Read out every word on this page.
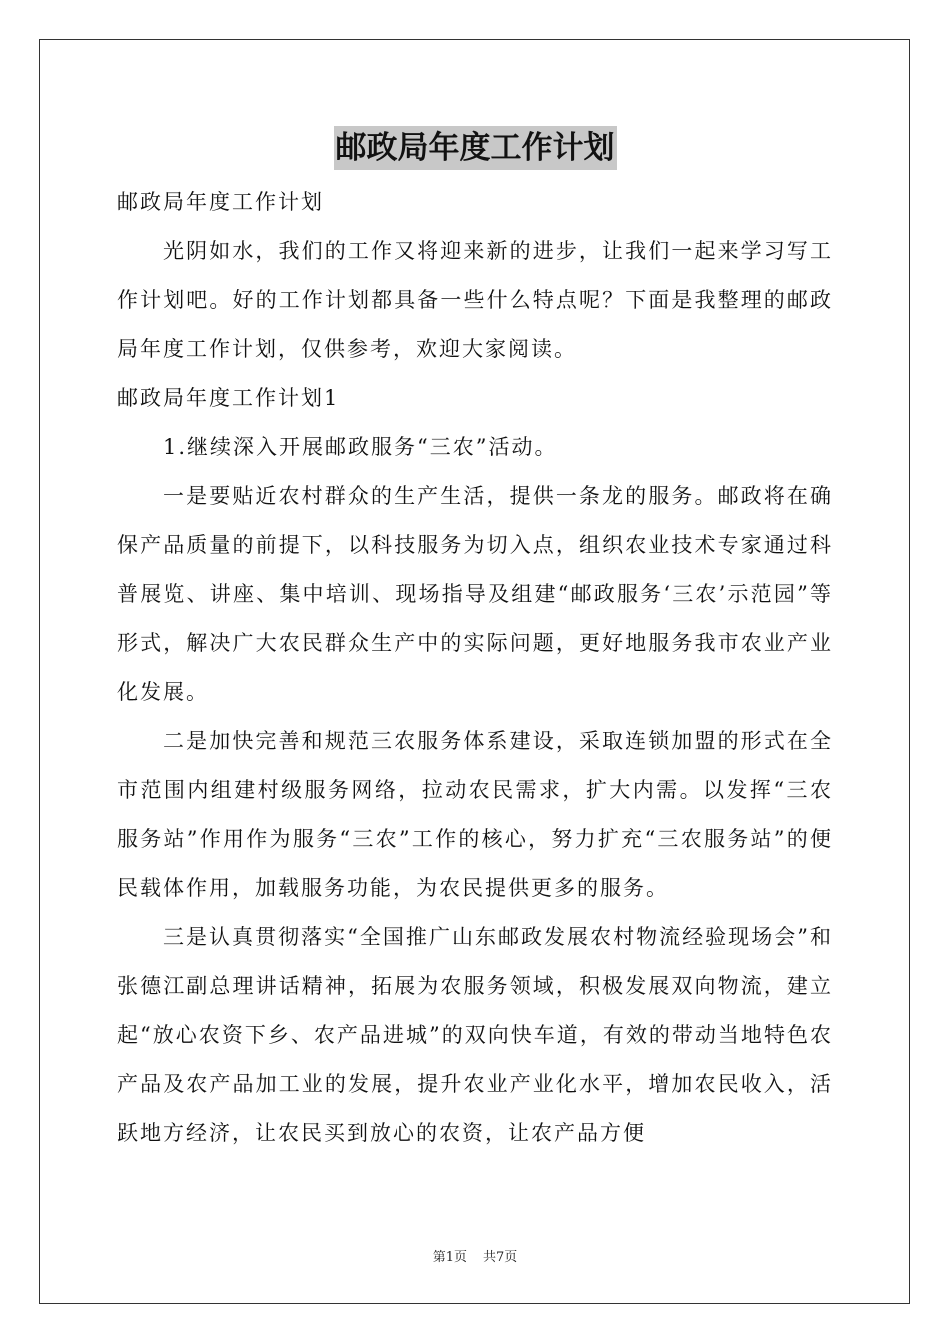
邮政局年度工作计划

邮政局年度工作计划

光阴如水，我们的工作又将迎来新的进步，让我们一起来学习写工作计划吧。好的工作计划都具备一些什么特点呢？下面是我整理的邮政局年度工作计划，仅供参考，欢迎大家阅读。

邮政局年度工作计划1

1.继续深入开展邮政服务“三农”活动。

一是要贴近农村群众的生产生活，提供一条龙的服务。邮政将在确保产品质量的前提下，以科技服务为切入点，组织农业技术专家通过科普展览、讲座、集中培训、现场指导及组建“邮政服务‘三农’示范园”等形式，解决广大农民群众生产中的实际问题，更好地服务我市农业产业化发展。

二是加快完善和规范三农服务体系建设，采取连锁加盟的形式在全市范围内组建村级服务网络，拉动农民需求，扩大内需。以发挥“三农服务站”作用作为服务“三农”工作的核心，努力扩充“三农服务站”的便民载体作用，加载服务功能，为农民提供更多的服务。

三是认真贯彻落实“全国推广山东邮政发展农村物流经验现场会”和张德江副总理讲话精神，拓展为农服务领域，积极发展双向物流，建立起“放心农资下乡、农产品进城”的双向快车道，有效的带动当地特色农产品及农产品加工业的发展，提升农业产业化水平，增加农民收入，活跃地方经济，让农民买到放心的农资，让农产品方便

第1页 共7页
